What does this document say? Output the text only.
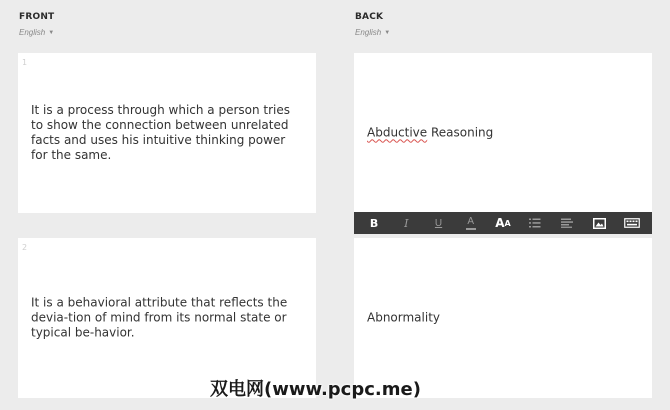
FRONT
English ▼
BACK
English ▼
1
It is a process through which a person tries to show the connection between unrelated facts and uses his intuitive thinking power for the same.
Abductive Reasoning
B I	U	A A A
2
It is a behavioral attribute that reflects the devia-tion of mind from its normal state or typical be-havior.
Abnormality
双电网(www.pcpc.me)
